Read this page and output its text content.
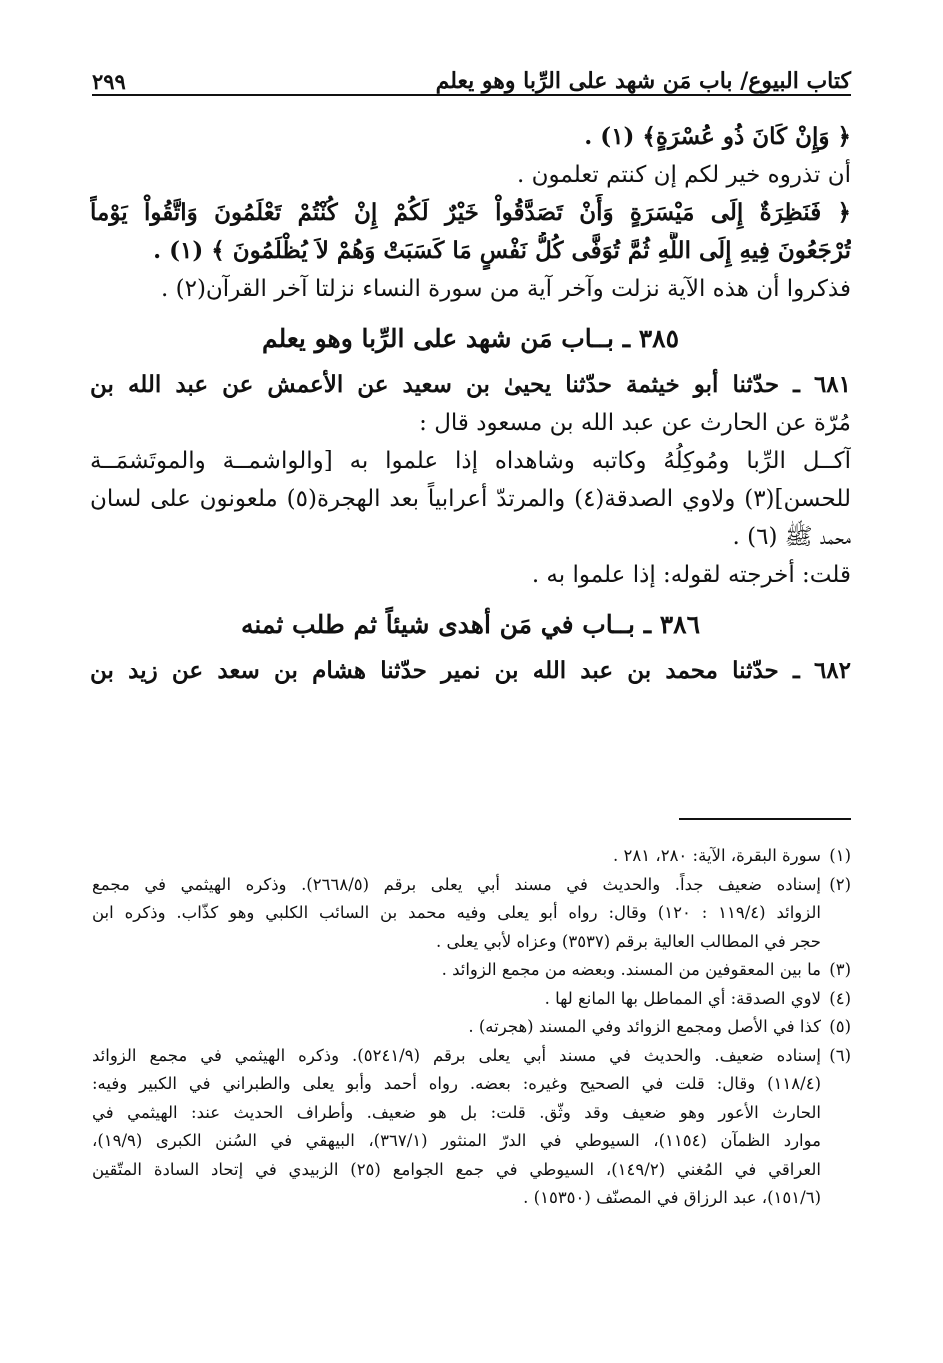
كتاب البيوع/ باب مَن شهد على الرِّبا وهو يعلم
٢٩٩
﴿ وَإِنْ كَانَ ذُو عُسْرَةٍ﴾ (١) .
أن تذروه خير لكم إن كنتم تعلمون .
﴿ فَنَظِرَةٌ إِلَى مَيْسَرَةٍ وَأَنْ تَصَدَّقُواْ خَيْرٌ لَكُمْ إِنْ كُنْتُمْ تَعْلَمُونَ وَاتَّقُواْ يَوْماً
تُرْجَعُونَ فِيهِ إِلَى اللَّهِ ثُمَّ تُوَفَّى كُلُّ نَفْسٍ مَا كَسَبَتْ وَهُمْ لاَ يُظْلَمُونَ ﴾ (١) .
فذكروا أن هذه الآية نزلت وآخر آية من سورة النساء نزلتا آخر القرآن(٢) .
٣٨٥ ـ بــاب مَن شهد على الرِّبا وهو يعلم
٦٨١ ـ حدّثنا أبو خيثمة حدّثنا يحيىٰ بن سعيد عن الأعمش عن عبد الله بن
مُرّة عن الحارث عن عبد الله بن مسعود قال :
آكــل الرِّبا ومُوكِلُهُ وكاتبه وشاهداه إذا علموا به [والواشمــة والموتَشمَــة
للحسن](٣) ولاوي الصدقة(٤) والمرتدّ أعرابياً بعد الهجرة(٥) ملعونون على لسان
محمد ﷺ (٦) .
قلت: أخرجته لقوله: إذا علموا به .
٣٨٦ ـ بــاب في مَن أهدى شيئاً ثم طلب ثمنه
٦٨٢ ـ حدّثنا محمد بن عبد الله بن نمير حدّثنا هشام بن سعد عن زيد بن
(١)
سورة البقرة، الآية: ٢٨٠، ٢٨١ .
(٢)
إسناده ضعيف جداً. والحديث في مسند أبي يعلى برقم (٢٦٦٨/٥). وذكره الهيثمي في مجمع
الزوائد (١١٩/٤ : ١٢٠) وقال: رواه أبو يعلى وفيه محمد بن السائب الكلبي وهو كذّاب. وذكره ابن
حجر في المطالب العالية برقم (٣٥٣٧) وعزاه لأبي يعلى .
(٣)
ما بين المعقوفين من المسند. وبعضه من مجمع الزوائد .
(٤)
لاوي الصدقة: أي المماطل بها المانع لها .
(٥)
كذا في الأصل ومجمع الزوائد وفي المسند (هجرته) .
(٦)
إسناده ضعيف. والحديث في مسند أبي يعلى برقم (٥٢٤١/٩). وذكره الهيثمي في مجمع الزوائد
(١١٨/٤) وقال: قلت في الصحيح وغيره: بعضه. رواه أحمد وأبو يعلى والطبراني في الكبير وفيه:
الحارث الأعور وهو ضعيف وقد وثّق. قلت: بل هو ضعيف. وأطراف الحديث عند: الهيثمي في
موارد الظمآن (١١٥٤)، السيوطي في الدرّ المنثور (٣٦٧/١)، البيهقي في السُنن الكبرى (١٩/٩)،
العراقي في المُغني (١٤٩/٢)، السيوطي في جمع الجوامع (٢٥) الزبيدي في إتحاد السادة المتّقين
(١٥١/٦)، عبد الرزاق في المصنّف (١٥٣٥٠) .
